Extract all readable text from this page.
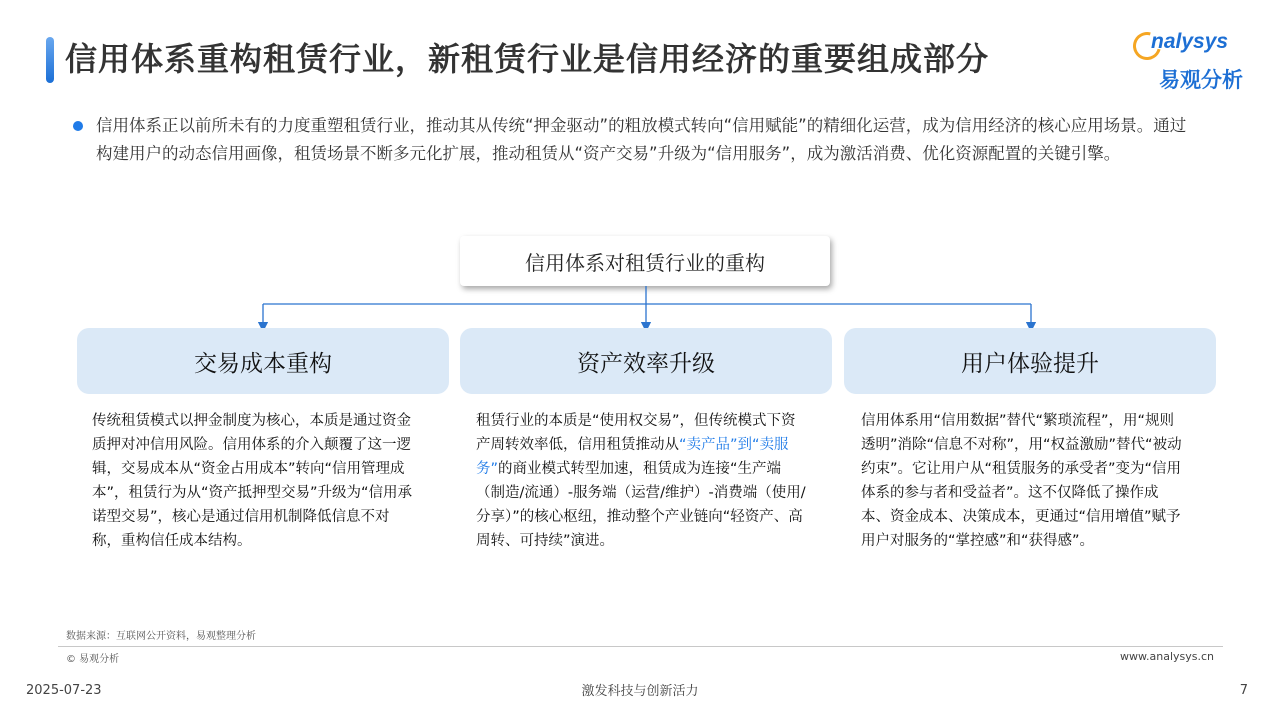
信用体系重构租赁行业，新租赁行业是信用经济的重要组成部分	nalysys
易观分析

信用体系正以前所未有的力度重塑租赁行业，推动其从传统“押金驱动”的粗放模式转向“信用赋能”的精细化运营，成为信用经济的核心应用场景。通过构建用户的动态信用画像，租赁场景不断多元化扩展，推动租赁从“资产交易”升级为“信用服务”，成为激活消费、优化资源配置的关键引擎。

信用体系对租赁行业的重构
交易成本重构	资产效率升级	用户体验提升

传统租赁模式以押金制度为核心，本质是通过资金质押对冲信用风险。信用体系的介入颠覆了这一逻辑，交易成本从“资金占用成本”转向“信用管理成本”，租赁行为从“资产抵押型交易”升级为“信用承诺型交易”，核心是通过信用机制降低信息不对称，重构信任成本结构。

租赁行业的本质是“使用权交易”，但传统模式下资产周转效率低，信用租赁推动从“卖产品”到“卖服务”的商业模式转型加速，租赁成为连接“生产端（制造/流通）-服务端（运营/维护）-消费端（使用/分享）”的核心枢纽，推动整个产业链向“轻资产、高周转、可持续”演进。

信用体系用“信用数据”替代“繁琐流程”，用“规则透明”消除“信息不对称”，用“权益激励”替代“被动约束”。它让用户从“租赁服务的承受者”变为“信用体系的参与者和受益者”。这不仅降低了操作成本、资金成本、决策成本，更通过“信用增值”赋予用户对服务的“掌控感”和“获得感”。

数据来源：互联网公开资料，易观整理分析
© 易观分析	www.analysys.cn
2025-07-23	激发科技与创新活力	7
